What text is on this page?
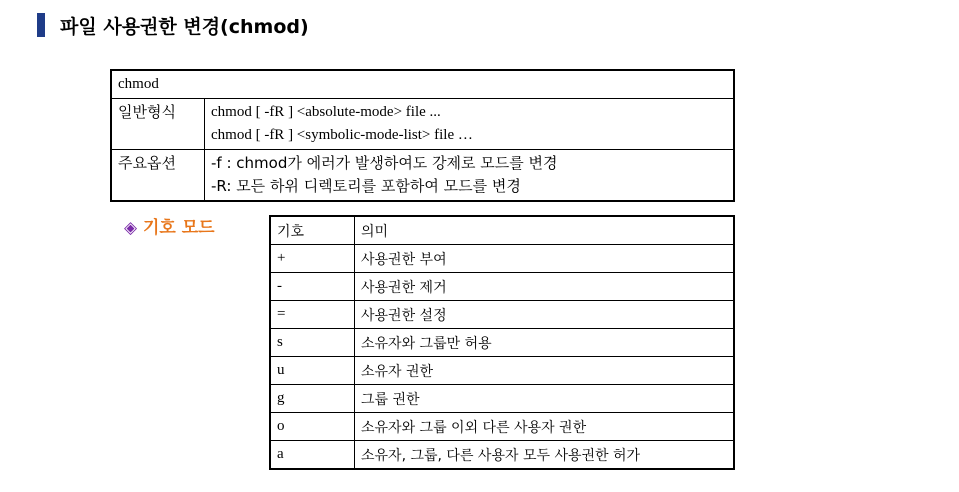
파일 사용권한 변경(chmod)
chmod	
일반형식	chmod [ -fR ] <absolute-mode> file ...
chmod [ -fR ] <symbolic-mode-list> file …

주요옵션	-f : chmod가 에러가 발생하여도 강제로 모드를 변경
-R: 모든 하위 디렉토리를 포함하여 모드를 변경
◈ 기호 모드	기호	의미
+	사용권한 부여
-	사용권한 제거
=	사용권한 설정
s	소유자와 그룹만 허용
u	소유자 권한
g	그룹 권한
o	소유자와 그룹 이외 다른 사용자 권한
a	소유자, 그룹, 다른 사용자 모두 사용권한 허가
